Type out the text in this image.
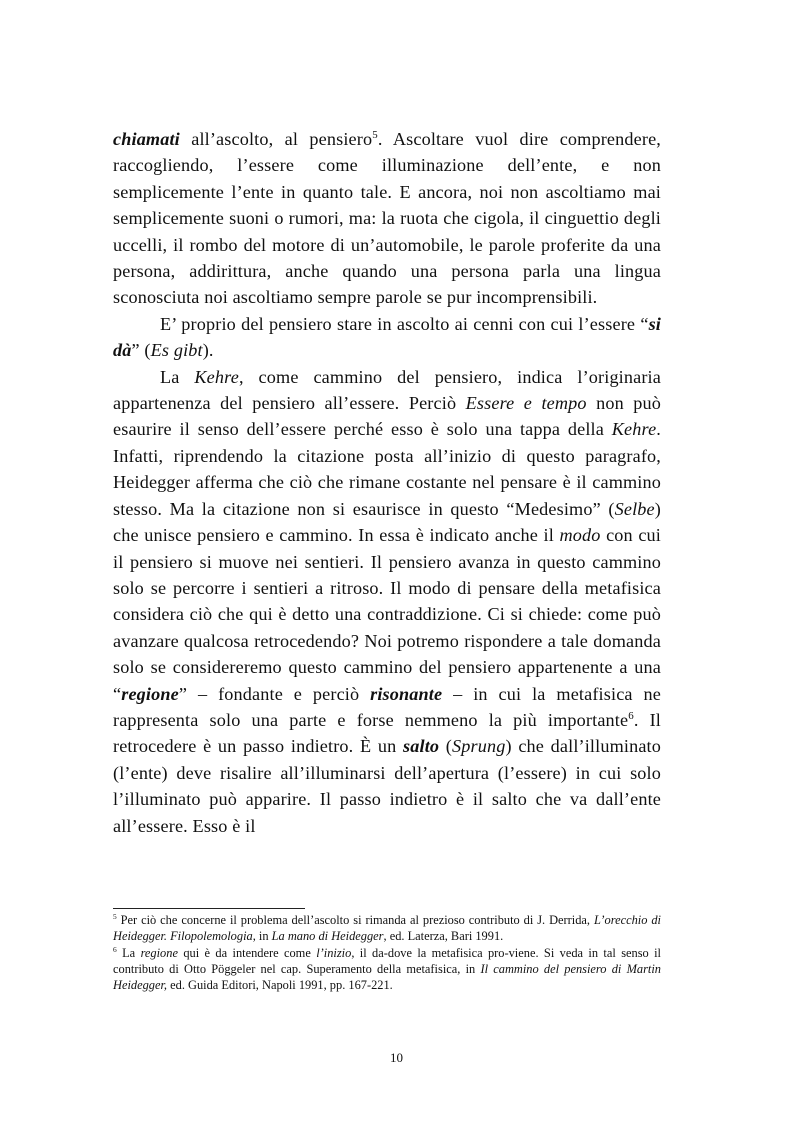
chiamati all’ascolto, al pensiero$^5$. Ascoltare vuol dire comprendere, raccogliendo, l’essere come illuminazione dell’ente, e non semplicemente l’ente in quanto tale. E ancora, noi non ascoltiamo mai semplicemente suoni o rumori, ma: la ruota che cigola, il cinguettio degli uccelli, il rombo del motore di un’automobile, le parole proferite da una persona, addirittura, anche quando una persona parla una lingua sconosciuta noi ascoltiamo sempre parole se pur incomprensibili.

E’ proprio del pensiero stare in ascolto ai cenni con cui l’essere “si dà” (Es gibt).

La Kehre, come cammino del pensiero, indica l’originaria appartenenza del pensiero all’essere. Perciò Essere e tempo non può esaurire il senso dell’essere perché esso è solo una tappa della Kehre. Infatti, riprendendo la citazione posta all’inizio di questo paragrafo, Heidegger afferma che ciò che rimane costante nel pensare è il cammino stesso. Ma la citazione non si esaurisce in questo “Medesimo” (Selbe) che unisce pensiero e cammino. In essa è indicato anche il modo con cui il pensiero si muove nei sentieri. Il pensiero avanza in questo cammino solo se percorre i sentieri a ritroso. Il modo di pensare della metafisica considera ciò che qui è detto una contraddizione. Ci si chiede: come può avanzare qualcosa retrocedendo? Noi potremo rispondere a tale domanda solo se considereremo questo cammino del pensiero appartenente a una “regione” – fondante e perciò risonante – in cui la metafisica ne rappresenta solo una parte e forse nemmeno la più importante$^6$. Il retrocedere è un passo indietro. È un salto (Sprung) che dall’illuminato (l’ente) deve risalire all’illuminarsi dell’apertura (l’essere) in cui solo l’illuminato può apparire. Il passo indietro è il salto che va dall’ente all’essere. Esso è il

$^5$ Per ciò che concerne il problema dell’ascolto si rimanda al prezioso contributo di J. Derrida, L’orecchio di Heidegger. Filopolemologia, in La mano di Heidegger, ed. Laterza, Bari 1991.

$^6$ La regione qui è da intendere come l’inizio, il da-dove la metafisica pro-viene. Si veda in tal senso il contributo di Otto Pöggeler nel cap. Superamento della metafisica, in Il cammino del pensiero di Martin Heidegger, ed. Guida Editori, Napoli 1991, pp. 167-221.

10
